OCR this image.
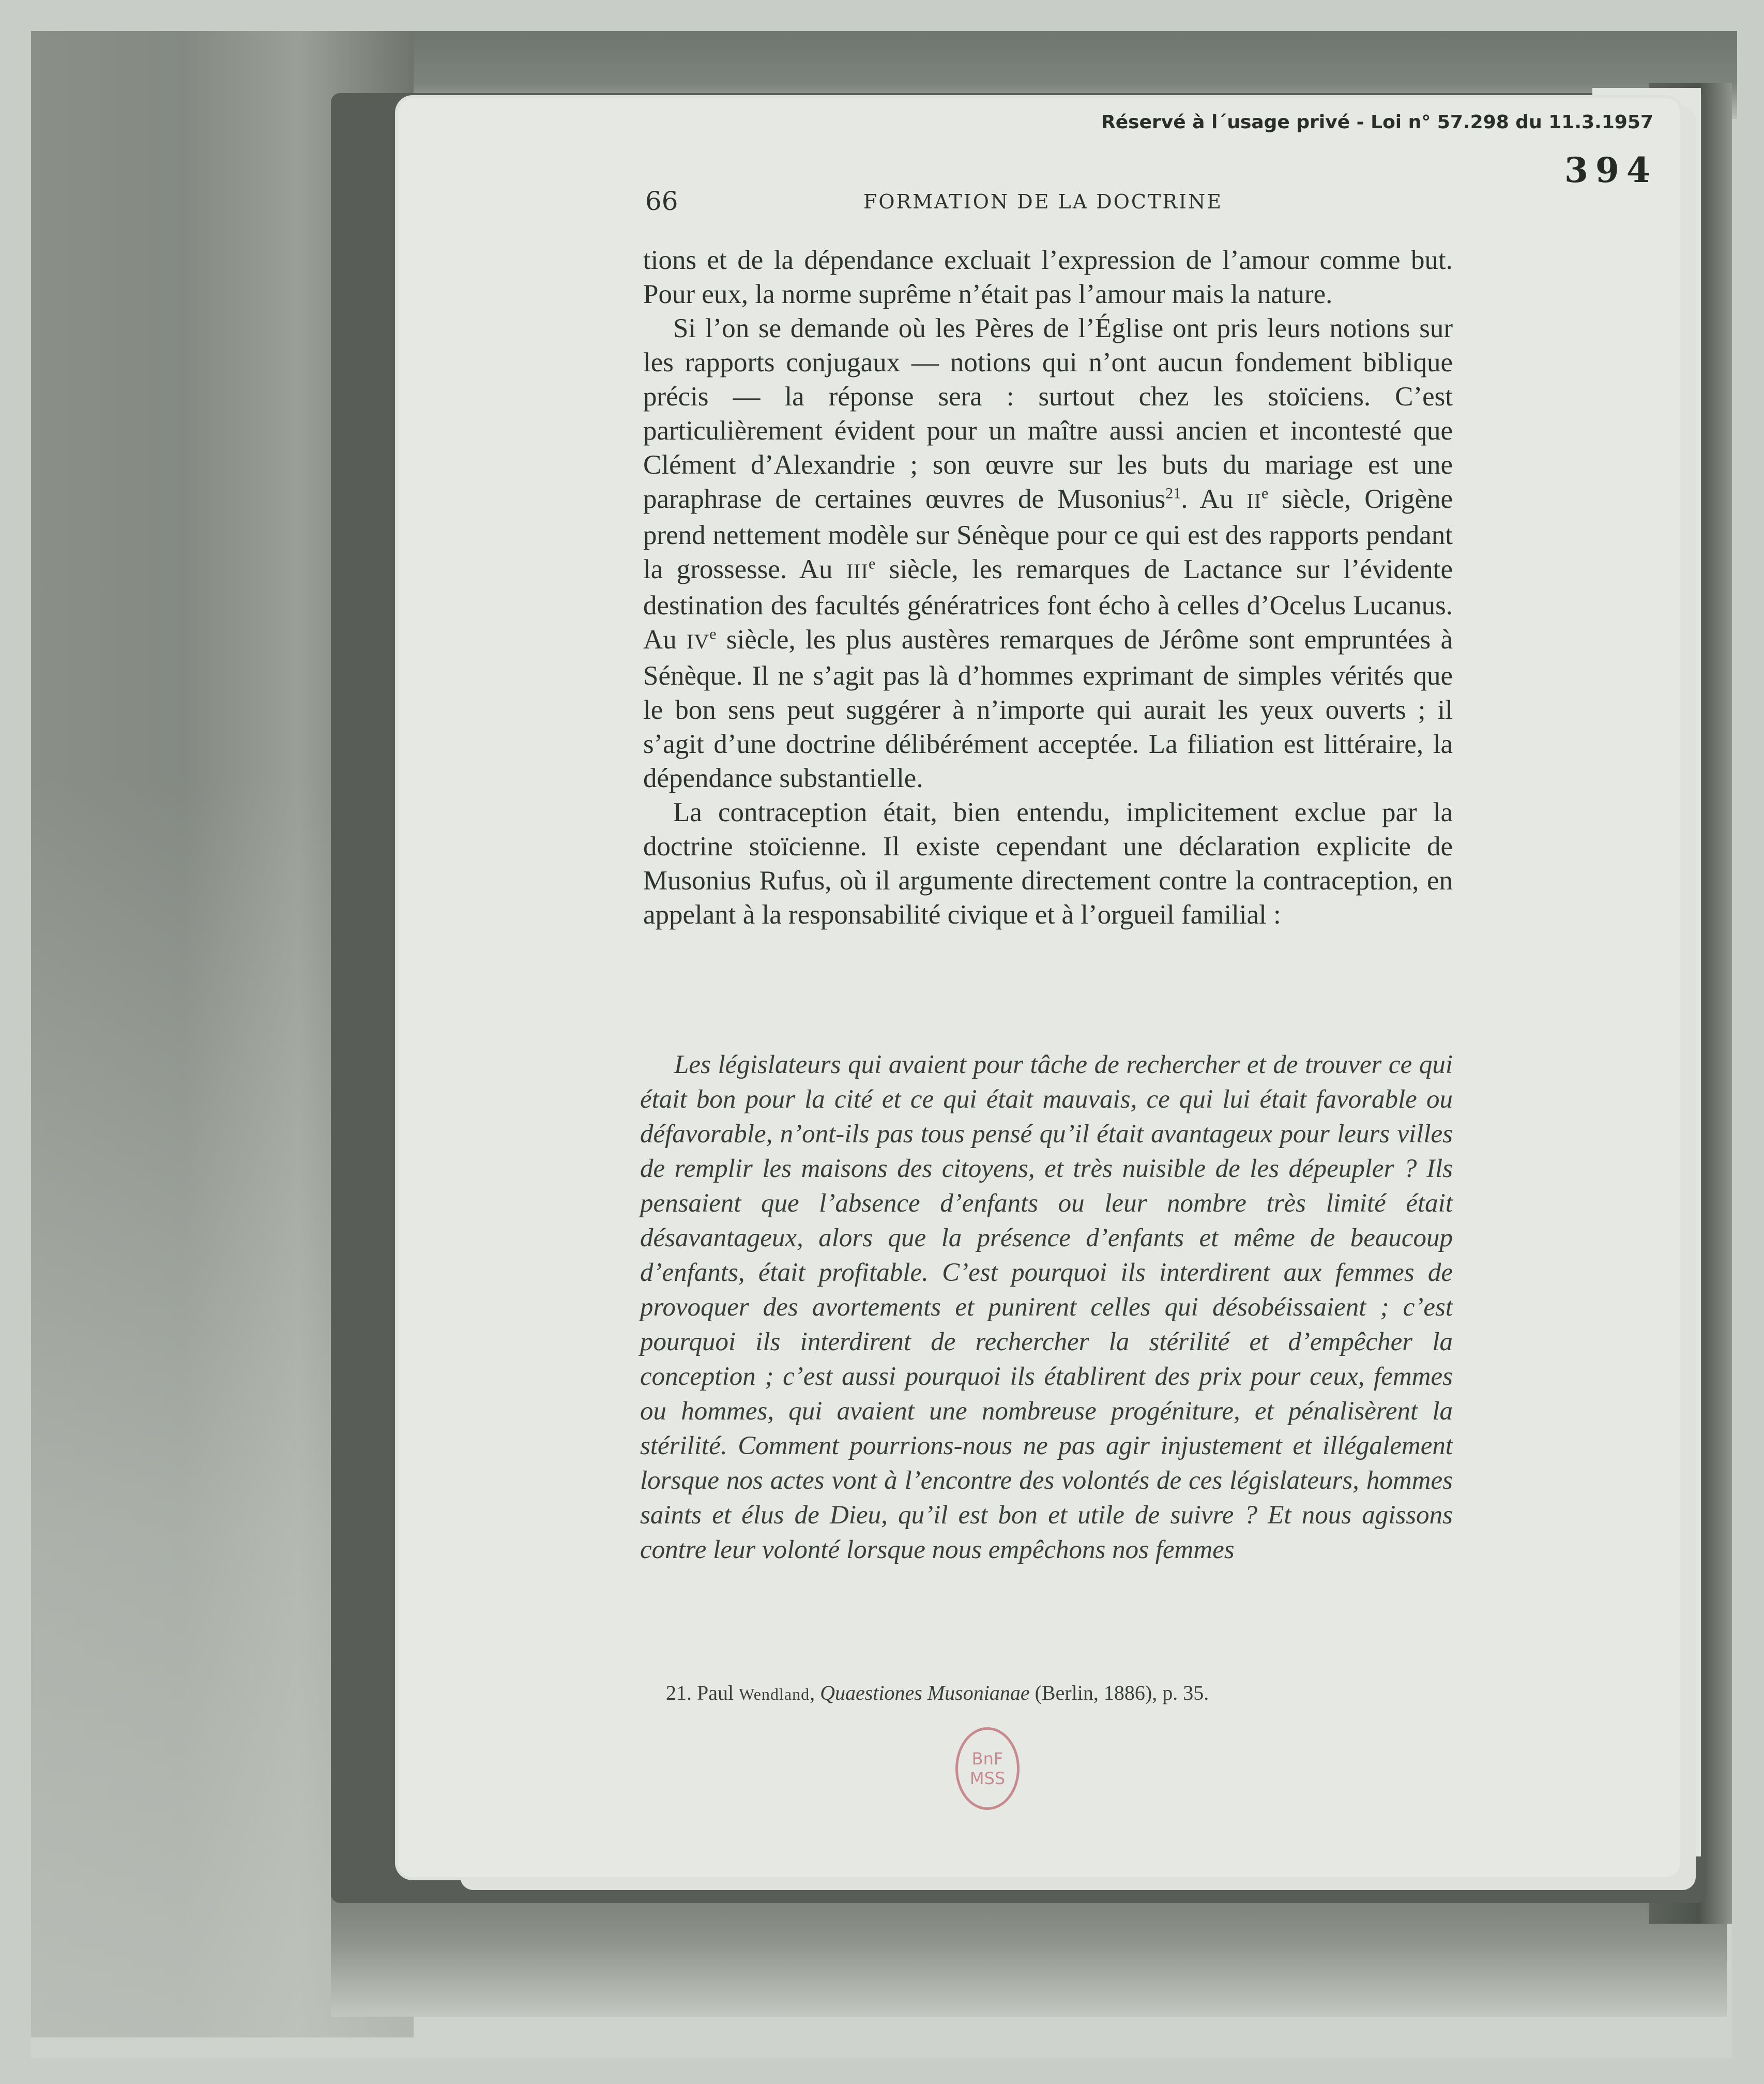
Réservé à l´usage privé - Loi n° 57.298 du 11.3.1957
394
66	FORMATION DE LA DOCTRINE

tions et de la dépendance excluait l’expression de l’amour comme but. Pour eux, la norme suprême n’était pas l’amour mais la nature.

Si l’on se demande où les Pères de l’Église ont pris leurs notions sur les rapports conjugaux — notions qui n’ont aucun fondement biblique précis — la réponse sera : surtout chez les stoïciens. C’est particulièrement évident pour un maître aussi ancien et incontesté que Clément d’Alexandrie ; son œuvre sur les buts du mariage est une paraphrase de certaines œuvres de Musonius$^{21}$. Au IIe siècle, Origène prend nettement modèle sur Sénèque pour ce qui est des rapports pendant la grossesse. Au IIIe siècle, les remarques de Lactance sur l’évidente destination des facultés génératrices font écho à celles d’Ocelus Lucanus. Au IVe siècle, les plus austères remarques de Jérôme sont empruntées à Sénèque. Il ne s’agit pas là d’hommes exprimant de simples vérités que le bon sens peut suggérer à n’importe qui aurait les yeux ouverts ; il s’agit d’une doctrine délibérément acceptée. La filiation est littéraire, la dépendance substantielle.

La contraception était, bien entendu, implicitement exclue par la doctrine stoïcienne. Il existe cependant une déclaration explicite de Musonius Rufus, où il argumente directement contre la contraception, en appelant à la responsabilité civique et à l’orgueil familial :

Les législateurs qui avaient pour tâche de rechercher et de trouver ce qui était bon pour la cité et ce qui était mauvais, ce qui lui était favorable ou défavorable, n’ont-ils pas tous pensé qu’il était avantageux pour leurs villes de remplir les maisons des citoyens, et très nuisible de les dépeupler ? Ils pensaient que l’absence d’enfants ou leur nombre très limité était désavantageux, alors que la présence d’enfants et même de beaucoup d’enfants, était profitable. C’est pourquoi ils interdirent aux femmes de provoquer des avortements et punirent celles qui désobéissaient ; c’est pourquoi ils interdirent de rechercher la stérilité et d’empêcher la conception ; c’est aussi pourquoi ils établirent des prix pour ceux, femmes ou hommes, qui avaient une nombreuse progéniture, et pénalisèrent la stérilité. Comment pourrions-nous ne pas agir injustement et illégalement lorsque nos actes vont à l’encontre des volontés de ces législateurs, hommes saints et élus de Dieu, qu’il est bon et utile de suivre ? Et nous agissons contre leur volonté lorsque nous empêchons nos femmes

21. Paul Wendland, Quaestiones Musonianae (Berlin, 1886), p. 35.
BnF
MSS
